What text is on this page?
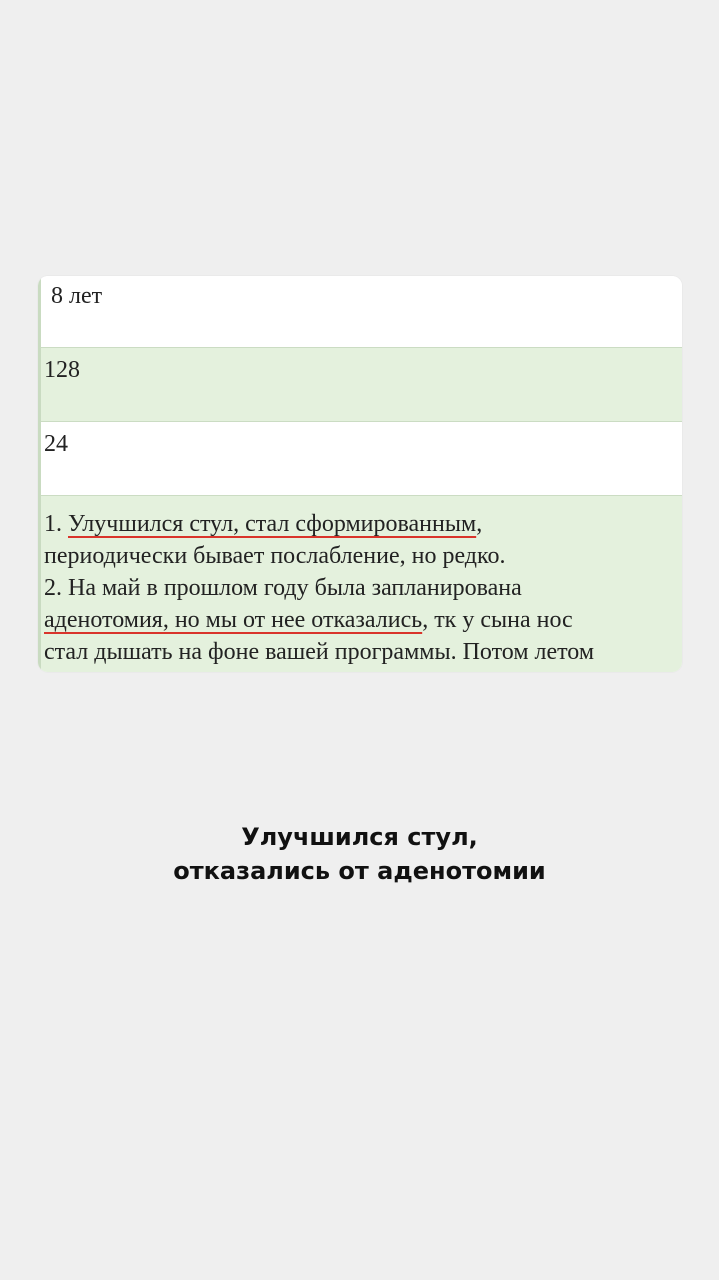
8 лет
128
24
1. Улучшился стул, стал сформированным,
периодически бывает послабление, но редко.
2. На май в прошлом году была запланирована
аденотомия, но мы от нее отказались, тк у сына нос
стал дышать на фоне вашей программы. Потом летом
Улучшился стул,
отказались от аденотомии
